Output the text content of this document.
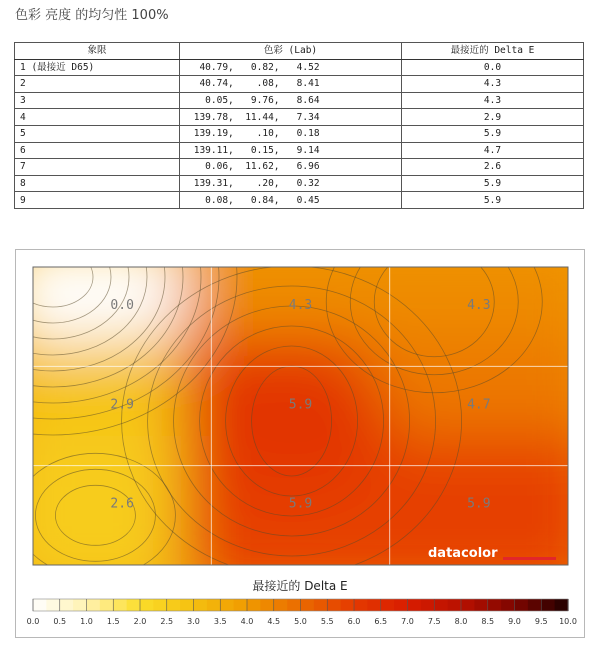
色彩 亮度 的均匀性 100%
象限	色彩 (Lab)	最接近的 Delta E
1 (最接近 D65)	40.79,   0.82,   4.52	0.0
2	40.74,    .08,   8.41	4.3
3	0.05,   9.76,   8.64	4.3
4	139.78,  11.44,   7.34	2.9
5	139.19,    .10,   0.18	5.9
6	139.11,   0.15,   9.14	4.7
7	0.06,  11.62,   6.96	2.6
8	139.31,    .20,   0.32	5.9
9	0.08,   0.84,   0.45	5.9
0.0	4.3	4.3
2.9	5.9	4.7
2.6	5.9	5.9
datacolor
最接近的 Delta E
0.0 0.5 1.0 1.5 2.0 2.5 3.0 3.5 4.0 4.5 5.0 5.5 6.0 6.5 7.0 7.5 8.0 8.5 9.0 9.5 10.0
